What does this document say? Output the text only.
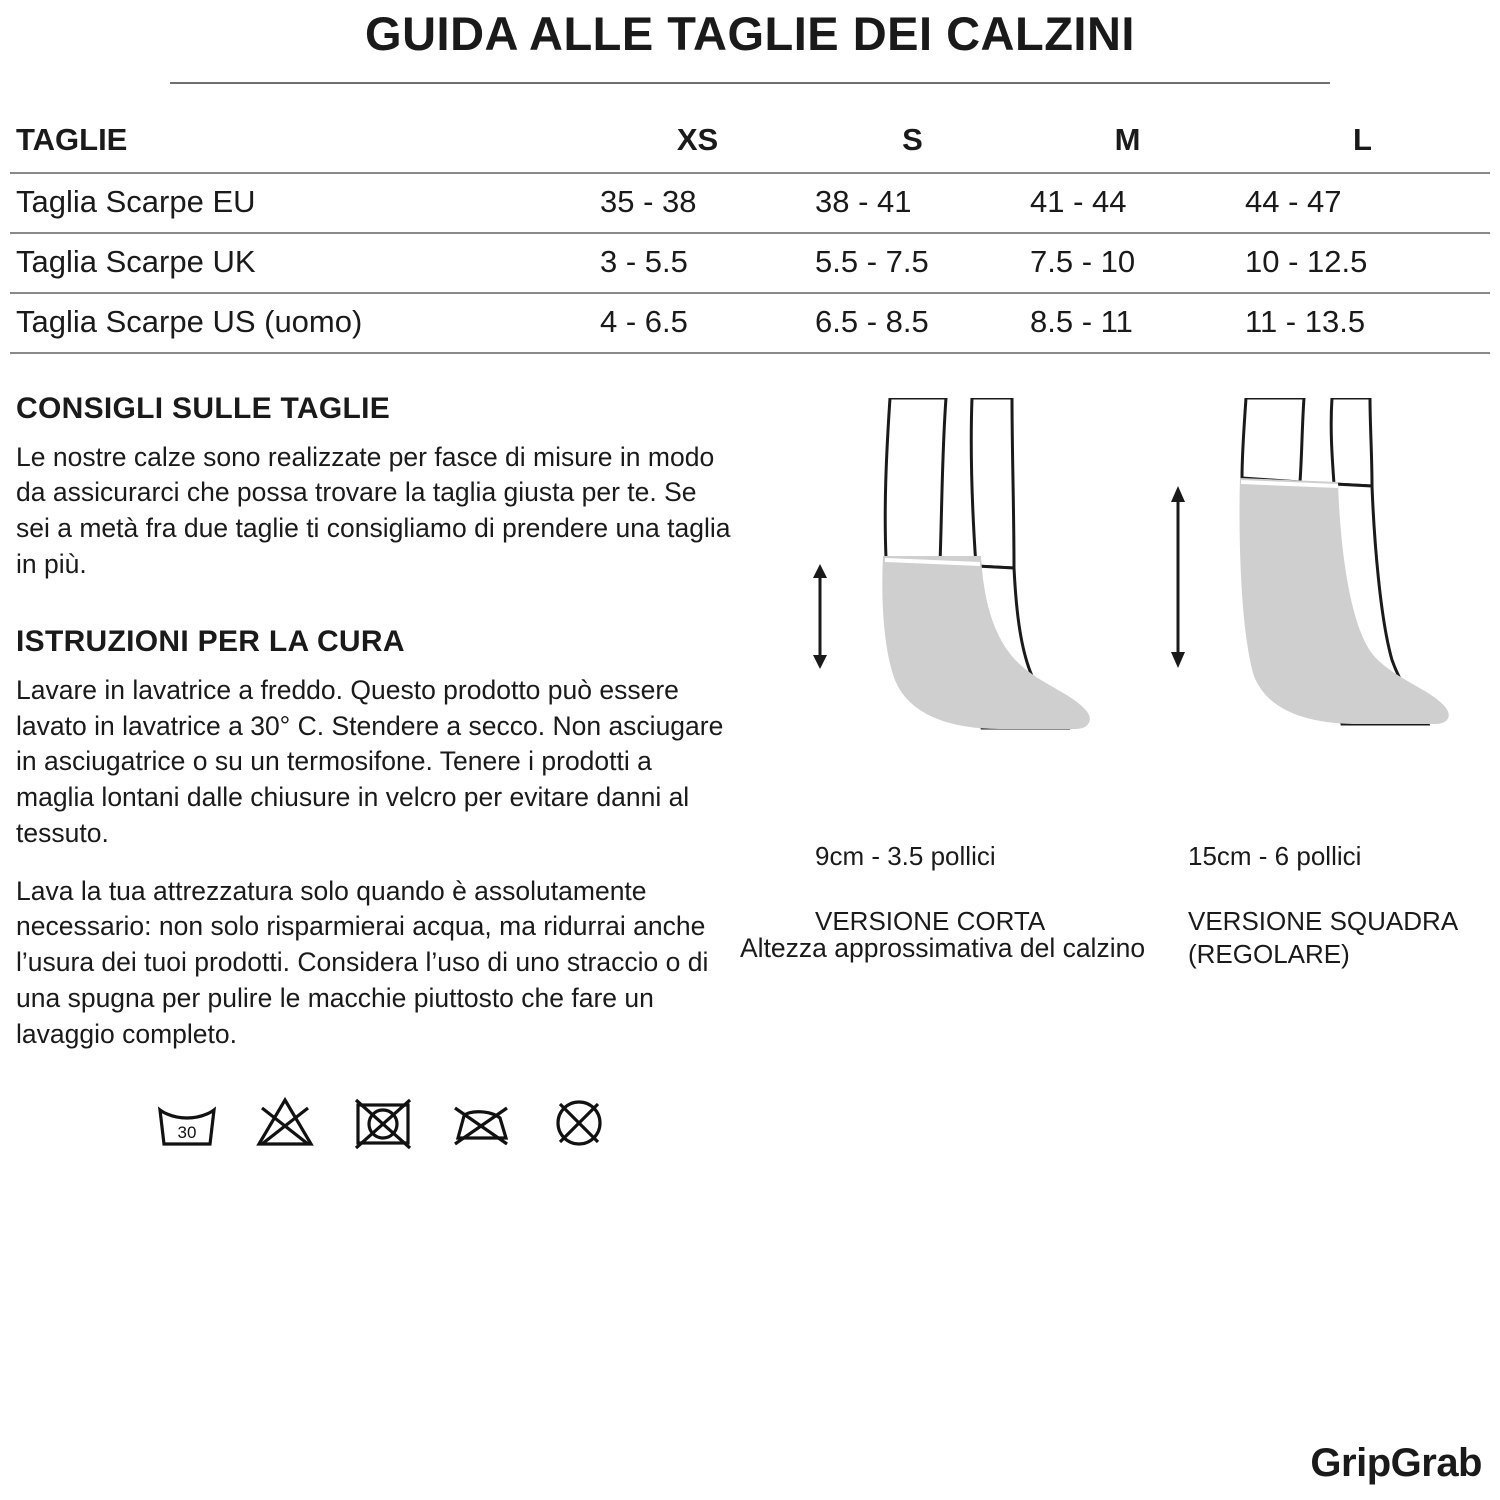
GUIDA ALLE TAGLIE DEI CALZINI
TAGLIE	XS	S	M	L
Taglia Scarpe EU	35 - 38	38 - 41	41 - 44	44 - 47
Taglia Scarpe UK	3 - 5.5	5.5 - 7.5	7.5 - 10	10 - 12.5
Taglia Scarpe US (uomo)	4 - 6.5	6.5 - 8.5	8.5 - 11	11 - 13.5
CONSIGLI SULLE TAGLIE

Le nostre calze sono realizzate per fasce di misure in modo da assicurarci che possa trovare la taglia giusta per te. Se sei a metà fra due taglie ti consigliamo di prendere una taglia in più.

ISTRUZIONI PER LA CURA

Lavare in lavatrice a freddo. Questo prodotto può essere lavato in lavatrice a 30° C. Stendere a secco. Non asciugare in asciugatrice o su un termosifone. Tenere i prodotti a maglia lontani dalle chiusure in velcro per evitare danni al tessuto.

Lava la tua attrezzatura solo quando è assolutamente necessario: non solo risparmierai acqua, ma ridurrai anche l’usura dei tuoi prodotti. Considera l’uso di uno straccio o di una spugna per pulire le macchie piuttosto che fare un lavaggio completo.

30

9cm - 3.5 pollici

VERSIONE CORTA

15cm - 6 pollici

VERSIONE SQUADRA (REGOLARE)

Altezza approssimativa del calzino
GripGrab
